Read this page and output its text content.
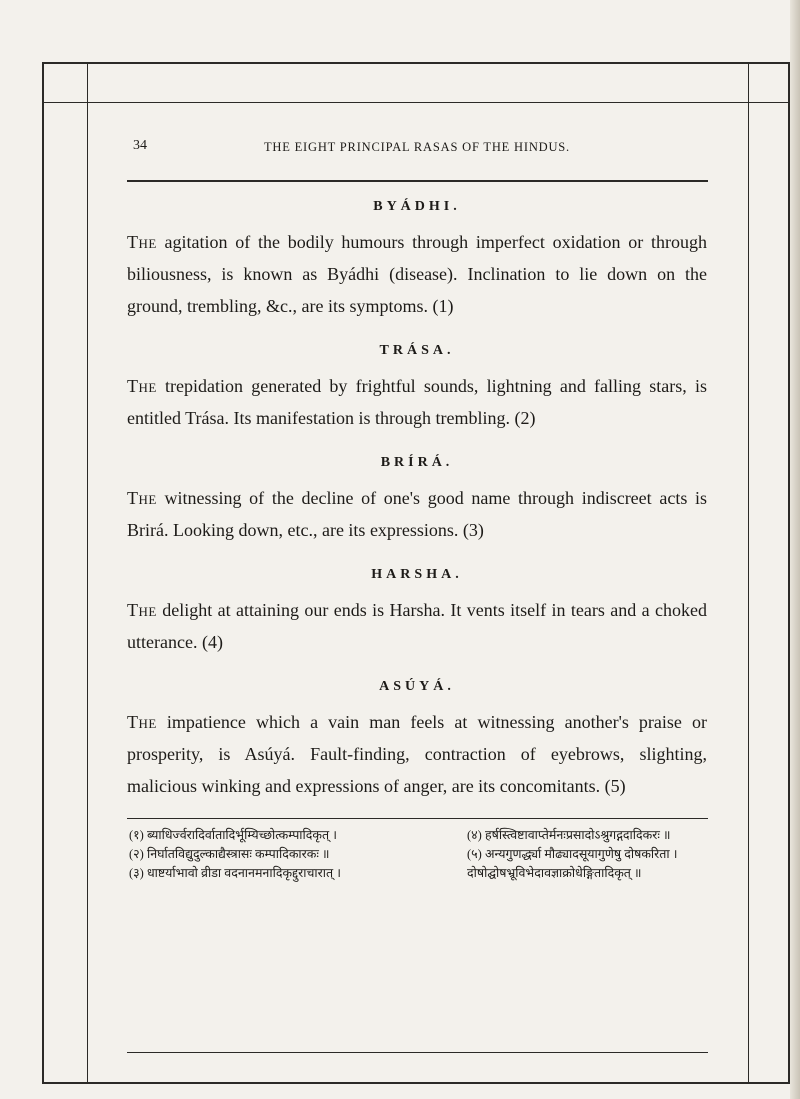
34	THE EIGHT PRINCIPAL RASAS OF THE HINDUS.
BYÁDHI.

The agitation of the bodily humours through imperfect oxidation or through biliousness, is known as Byádhi (disease). Inclination to lie down on the ground, trembling, &c., are its symptoms. (1)

TRÁSA.

The trepidation generated by frightful sounds, lightning and falling stars, is entitled Trása. Its manifestation is through trembling. (2)

BRÍRÁ.

The witnessing of the decline of one's good name through indiscreet acts is Brirá. Looking down, etc., are its expressions. (3)

HARSHA.

The delight at attaining our ends is Harsha. It vents itself in tears and a choked utterance. (4)

ASÚYÁ.

The impatience which a vain man feels at witnessing another's praise or prosperity, is Asúyá. Fault-finding, contraction of eyebrows, slighting, malicious winking and expressions of anger, are its concomitants. (5)

(१) ब्याधिर्ज्वरादिर्वातादिर्भूम्यिच्छोत्कम्पादिकृत् ।
(२) निर्घातविद्युदुल्काद्यैस्त्रासः कम्पादिकारकः ॥
(३) धाष्टर्याभावो व्रीडा वदनानमनादिकृद्दुराचारात् ।
(४) हर्षस्त्विष्टावाप्तेर्मनःप्रसादोऽश्रुगद्गदादिकरः ॥
(५) अन्यगुणर्द्ध्या मौढ्यादसूयागुणेषु दोषकरिता ।
दोषोद्घोषभ्रूविभेदावज्ञाक्रोधेङ्गितादिकृत् ॥
